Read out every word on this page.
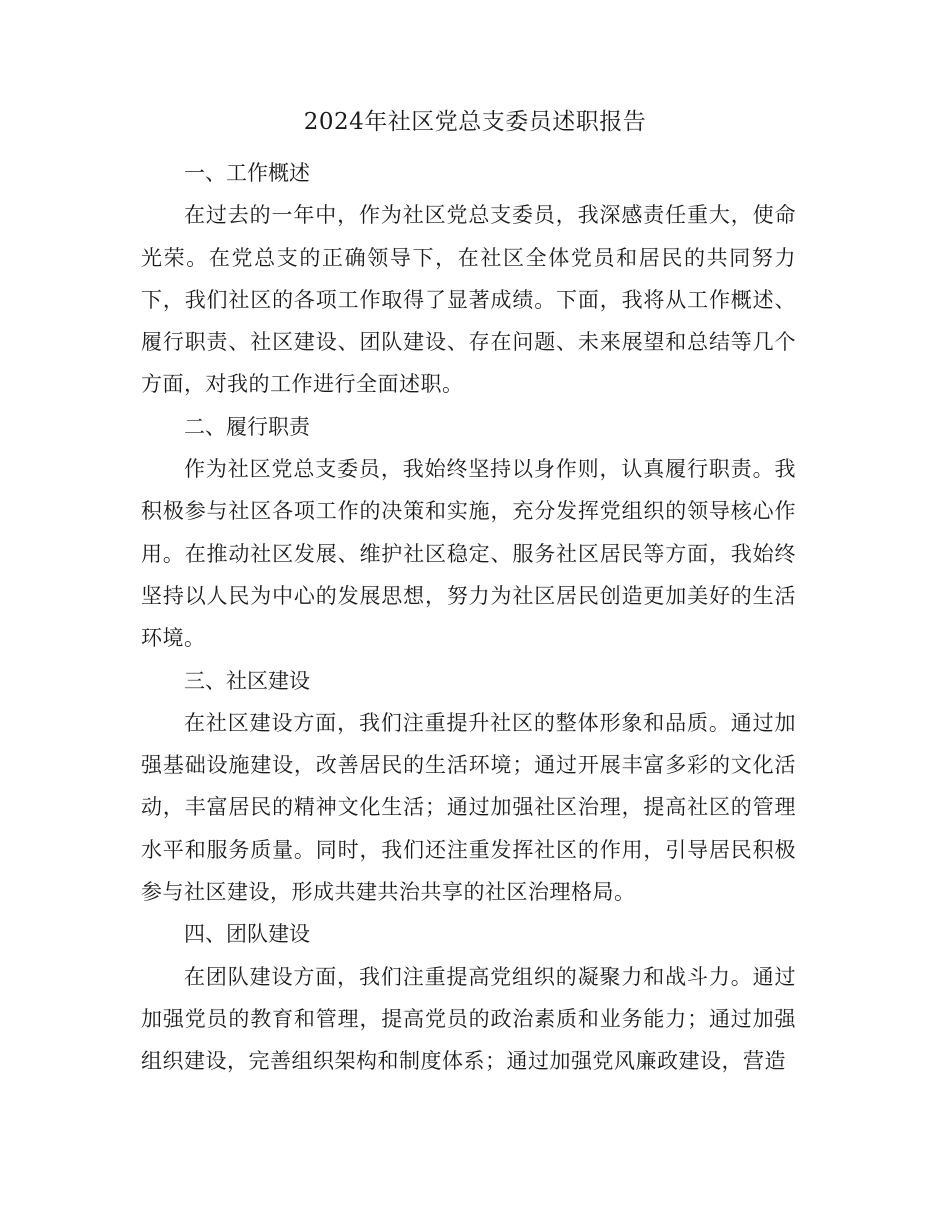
2024年社区党总支委员述职报告

一、工作概述

在过去的一年中，作为社区党总支委员，我深感责任重大，使命光荣。在党总支的正确领导下，在社区全体党员和居民的共同努力下，我们社区的各项工作取得了显著成绩。下面，我将从工作概述、履行职责、社区建设、团队建设、存在问题、未来展望和总结等几个方面，对我的工作进行全面述职。

二、履行职责

作为社区党总支委员，我始终坚持以身作则，认真履行职责。我积极参与社区各项工作的决策和实施，充分发挥党组织的领导核心作用。在推动社区发展、维护社区稳定、服务社区居民等方面，我始终坚持以人民为中心的发展思想，努力为社区居民创造更加美好的生活环境。

三、社区建设

在社区建设方面，我们注重提升社区的整体形象和品质。通过加强基础设施建设，改善居民的生活环境；通过开展丰富多彩的文化活动，丰富居民的精神文化生活；通过加强社区治理，提高社区的管理水平和服务质量。同时，我们还注重发挥社区的作用，引导居民积极参与社区建设，形成共建共治共享的社区治理格局。

四、团队建设

在团队建设方面，我们注重提高党组织的凝聚力和战斗力。通过加强党员的教育和管理，提高党员的政治素质和业务能力；通过加强组织建设，完善组织架构和制度体系；通过加强党风廉政建设，营造
